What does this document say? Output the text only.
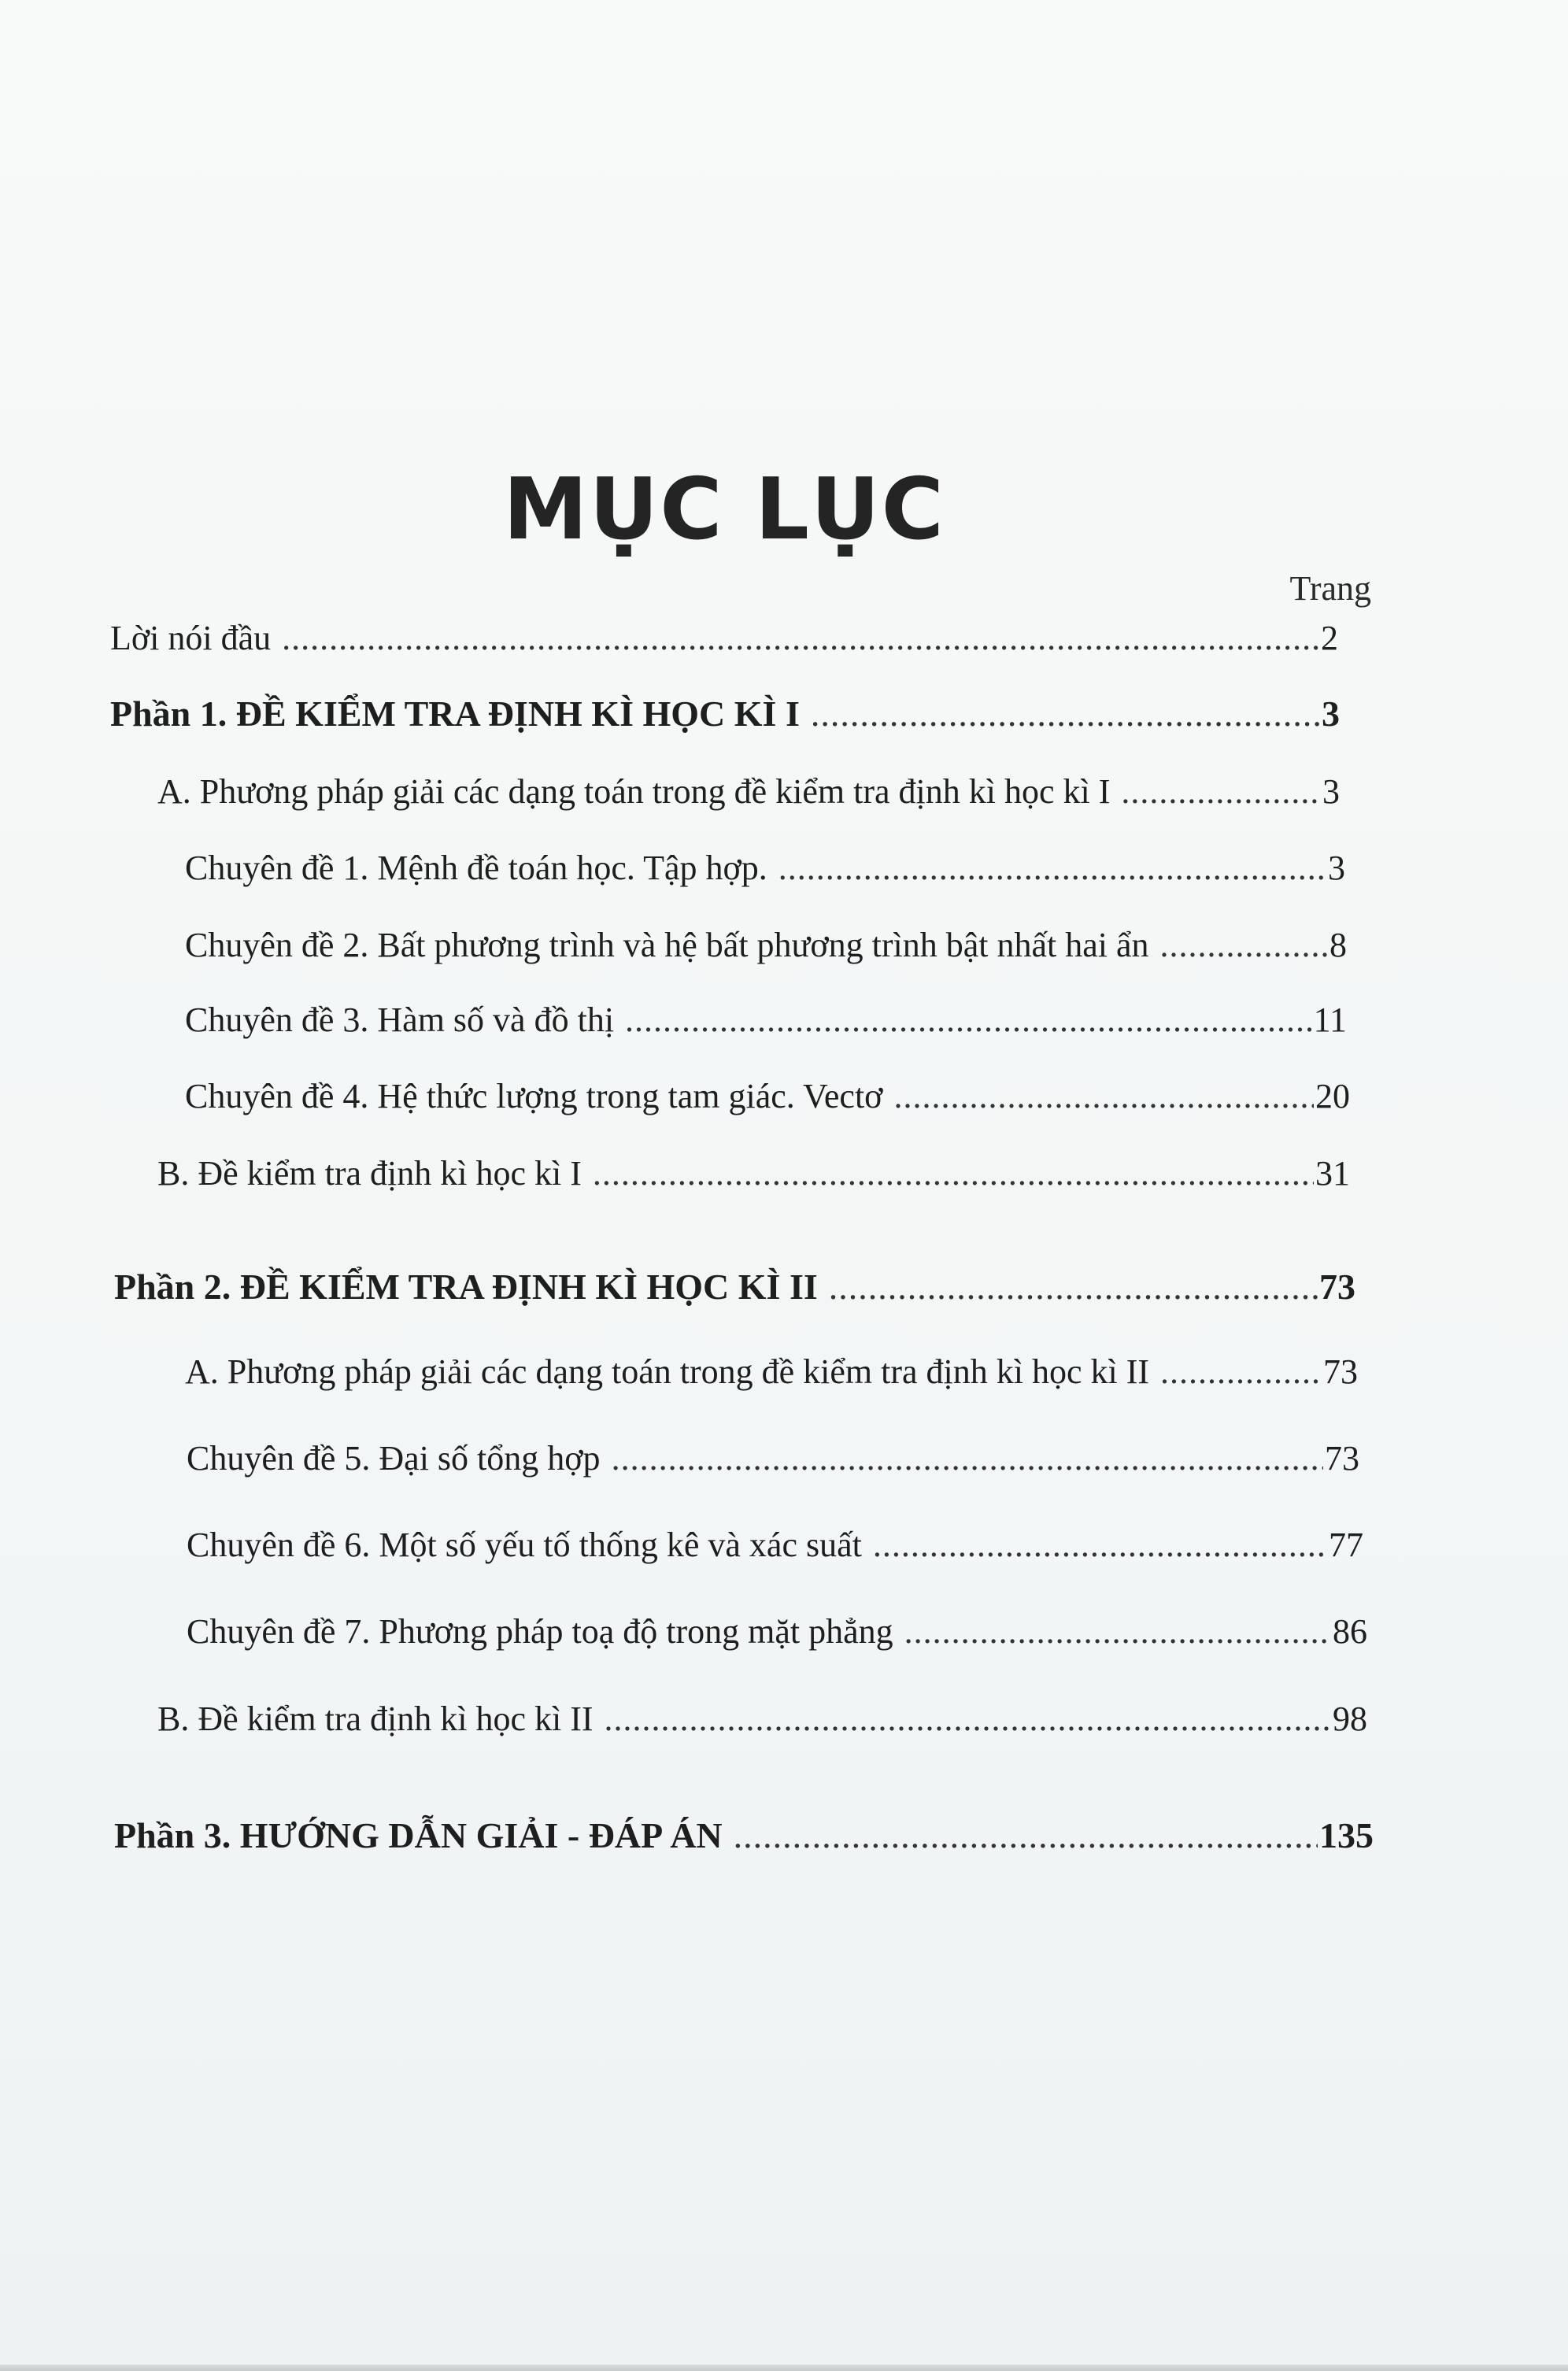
MỤC LỤC
Trang
Lời nói đầu .....	2
Phần 1. ĐỀ KIỂM TRA ĐỊNH KÌ HỌC KÌ I .....	3
A. Phương pháp giải các dạng toán trong đề kiểm tra định kì học kì I .....	3
Chuyên đề 1. Mệnh đề toán học. Tập hợp. .....	3
Chuyên đề 2. Bất phương trình và hệ bất phương trình bật nhất hai ẩn .....	8
Chuyên đề 3. Hàm số và đồ thị .....	11
Chuyên đề 4. Hệ thức lượng trong tam giác. Vectơ .....	20
B. Đề kiểm tra định kì học kì I .....	31
Phần 2. ĐỀ KIỂM TRA ĐỊNH KÌ HỌC KÌ II .....	73
A. Phương pháp giải các dạng toán trong đề kiểm tra định kì học kì II .....	73
Chuyên đề 5. Đại số tổng hợp .....	73
Chuyên đề 6. Một số yếu tố thống kê và xác suất .....	77
Chuyên đề 7. Phương pháp toạ độ trong mặt phẳng .....	86
B. Đề kiểm tra định kì học kì II .....	98
Phần 3. HƯỚNG DẪN GIẢI - ĐÁP ÁN .....	135
